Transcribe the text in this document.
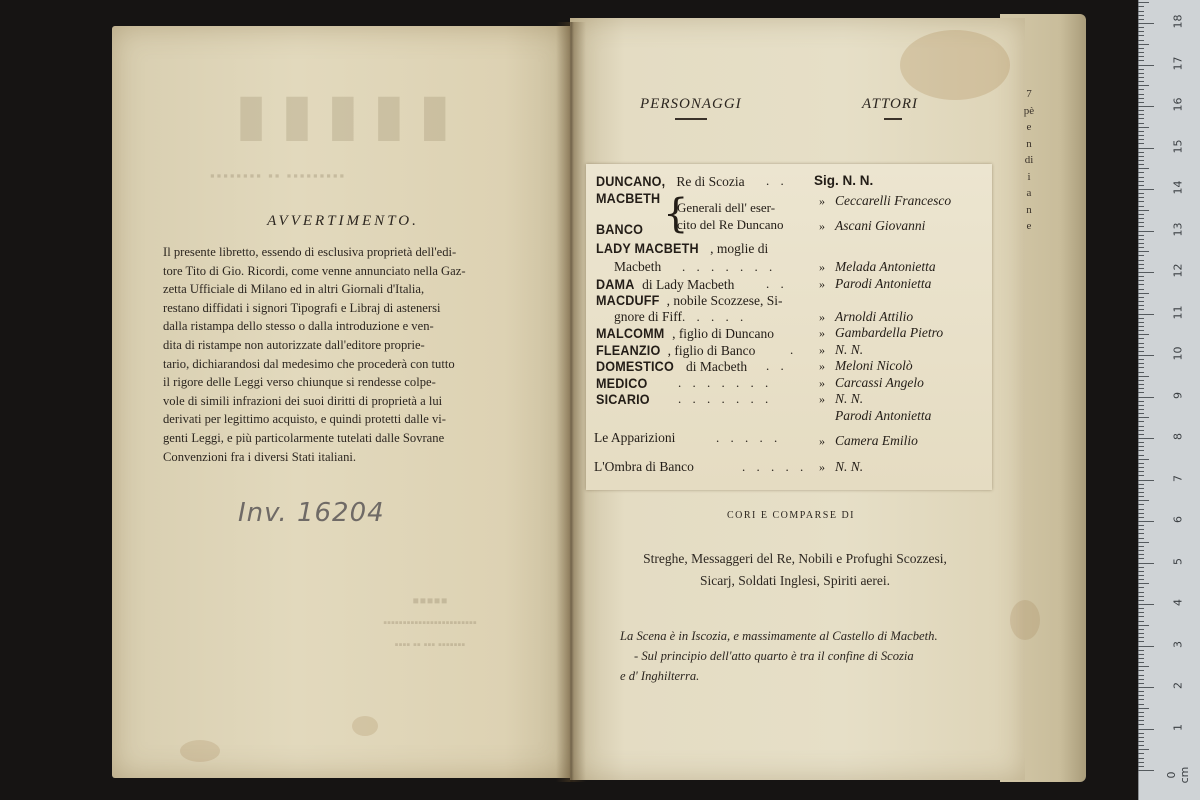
▮▮▮▮▮
▪▪▪▪▪▪▪▪ ▪▪ ▪▪▪▪▪▪▪▪▪
▪▪▪▪▪
▪▪▪▪▪▪▪▪▪▪▪▪▪▪▪▪▪▪▪▪▪▪▪▪
▪▪▪▪ ▪▪ ▪▪▪ ▪▪▪▪▪▪▪
AVVERTIMENTO.
Il presente libretto, essendo di esclusiva proprietà dell'edi-
tore Tito di Gio. Ricordi, come venne annunciato nella Gaz-
zetta Ufficiale di Milano ed in altri Giornali d'Italia,
restano diffidati i signori Tipografi e Libraj di astenersi
dalla ristampa dello stesso o dalla introduzione e ven-
dita di ristampe non autorizzate dall'editore proprie-
tario, dichiarandosi dal medesimo che procederà con tutto
il rigore delle Leggi verso chiunque si rendesse colpe-
vole di simili infrazioni dei suoi diritti di proprietà a lui
derivati per legittimo acquisto, e quindi protetti dalle vi-
genti Leggi, e più particolarmente tutelati dalle Sovrane
Convenzioni fra i diversi Stati italiani.
Inv. 16204
PERSONAGGI	ATTORI
{
Generali dell' eser-
cito del Re Duncano
DUNCANO, Re di Scozia . . Sig. N. N.
MACBETH	» Ceccarelli Francesco
BANCO	» Ascani Giovanni
LADY MACBETH , moglie di
Macbeth . . . . . . .	» Melada Antonietta
DAMA di Lady Macbeth . .	» Parodi Antonietta
MACDUFF , nobile Scozzese, Si-
gnore di Fiff . . . . .	» Arnoldi Attilio
MALCOMM , figlio di Duncano	» Gambardella Pietro
FLEANZIO , figlio di Banco	. » N. N.
DOMESTICO di Macbeth . .	» Meloni Nicolò
MEDICO	. . . . . . .	» Carcassi Angelo
SICARIO	. . . . . . .	» N. N.
Parodi Antonietta
Le Apparizioni	. . . . .	» Camera Emilio
L'Ombra di Banco	. . . . . » N. N.
CORI E COMPARSE DI
Streghe, Messaggeri del Re, Nobili e Profughi Scozzesi,
Sicarj, Soldati Inglesi, Spiriti aerei.
La Scena è in Iscozia, e massimamente al Castello di Macbeth.
- Sul principio dell'atto quarto è tra il confine di Scozia
e d' Inghilterra.
7
pè
e
n
di
i
a
n
e
0 cm
1
2
3
4
5
6
7
8
9
10
11
12
13
14
15
16
17
18
